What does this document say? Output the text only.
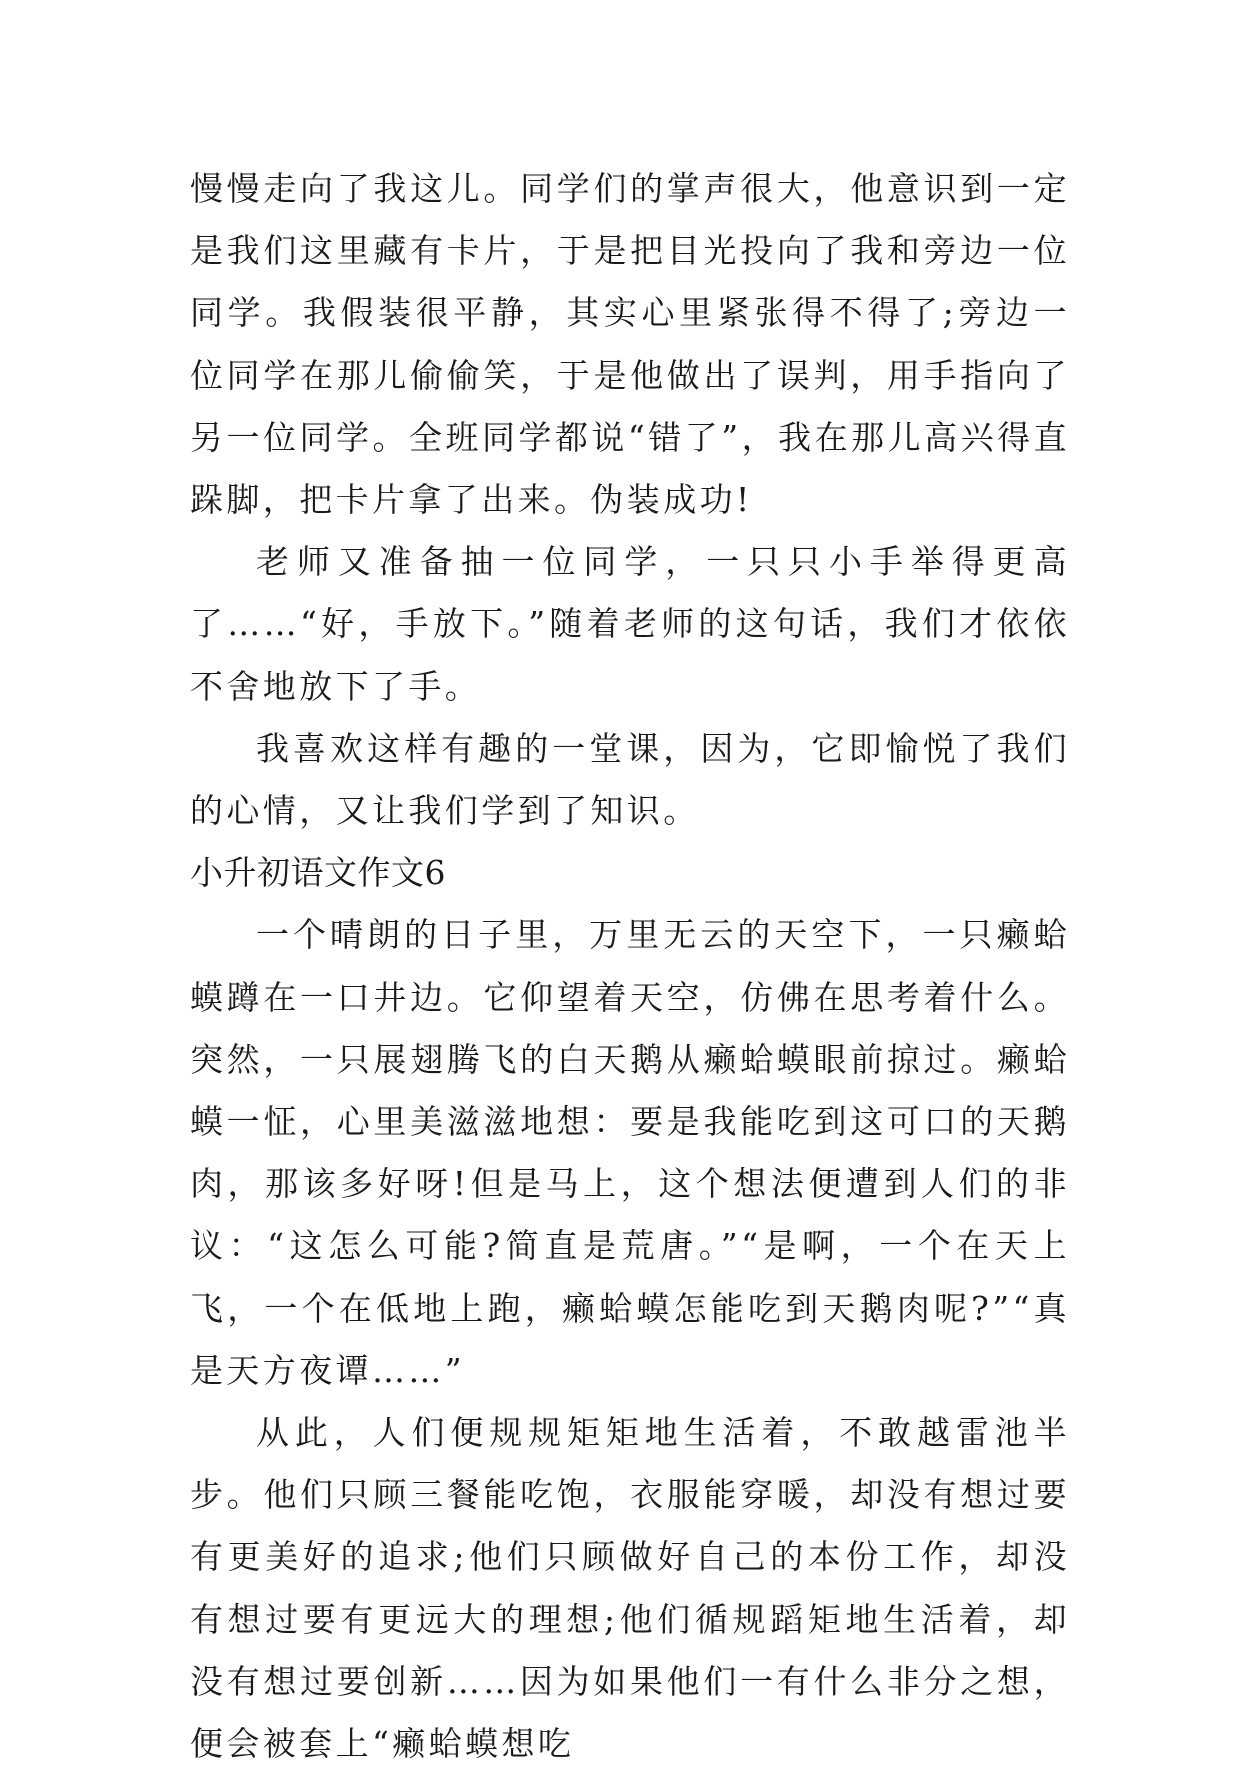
慢慢走向了我这儿。同学们的掌声很大，他意识到一定是我们这里藏有卡片，于是把目光投向了我和旁边一位同学。我假装很平静，其实心里紧张得不得了;旁边一位同学在那儿偷偷笑，于是他做出了误判，用手指向了另一位同学。全班同学都说“错了”，我在那儿高兴得直跺脚，把卡片拿了出来。伪装成功!

老师又准备抽一位同学，一只只小手举得更高了……“好，手放下。”随着老师的这句话，我们才依依不舍地放下了手。

我喜欢这样有趣的一堂课，因为，它即愉悦了我们的心情，又让我们学到了知识。

小升初语文作文6

一个晴朗的日子里，万里无云的天空下，一只癞蛤蟆蹲在一口井边。它仰望着天空，仿佛在思考着什么。突然，一只展翅腾飞的白天鹅从癞蛤蟆眼前掠过。癞蛤蟆一怔，心里美滋滋地想：要是我能吃到这可口的天鹅肉，那该多好呀!但是马上，这个想法便遭到人们的非议：“这怎么可能?简直是荒唐。”“是啊，一个在天上飞，一个在低地上跑，癞蛤蟆怎能吃到天鹅肉呢?”“真是天方夜谭……”

从此，人们便规规矩矩地生活着，不敢越雷池半步。他们只顾三餐能吃饱，衣服能穿暖，却没有想过要有更美好的追求;他们只顾做好自己的本份工作，却没有想过要有更远大的理想;他们循规蹈矩地生活着，却没有想过要创新……因为如果他们一有什么非分之想，便会被套上“癞蛤蟆想吃
